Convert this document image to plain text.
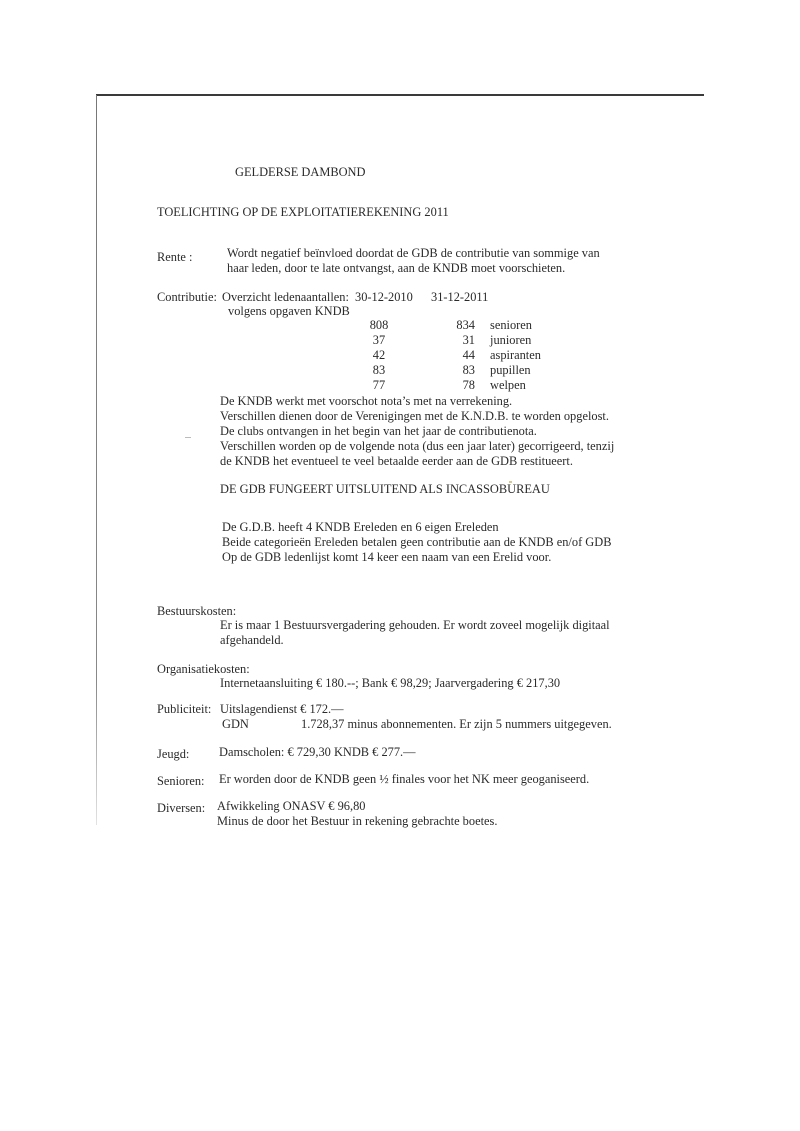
GELDERSE DAMBOND
TOELICHTING OP DE EXPLOITATIEREKENING 2011
Rente :	Wordt negatief beïnvloed doordat de GDB de contributie van sommige van
haar leden, door te late ontvangst, aan de KNDB moet voorschieten.
Contributie: Overzicht ledenaantallen:
volgens opgaven KNDB
30-12-2010 31-12-2011
808
37
42
83
77
834
31
44
83
78
senioren
junioren
aspiranten
pupillen
welpen
De KNDB werkt met voorschot nota’s met na verrekening.
Verschillen dienen door de Verenigingen met de K.N.D.B. te worden opgelost.
De clubs ontvangen in het begin van het jaar de contributienota.
Verschillen worden op de volgende nota (dus een jaar later) gecorrigeerd, tenzij
de KNDB het eventueel te veel betaalde eerder aan de GDB restitueert.
DE GDB FUNGEERT UITSLUITEND ALS INCASSOBUREAU
De G.D.B. heeft 4 KNDB Ereleden en 6 eigen Ereleden
Beide categorieën Ereleden betalen geen contributie aan de KNDB en/of GDB
Op de GDB ledenlijst komt 14 keer een naam van een Erelid voor.
Bestuurskosten:
Er is maar 1 Bestuursvergadering gehouden. Er wordt zoveel mogelijk digitaal
afgehandeld.
Organisatiekosten:
Internetaansluiting € 180.--; Bank € 98,29; Jaarvergadering € 217,30
Publiciteit: Uitslagendienst € 172.—
GDN	1.728,37 minus abonnementen. Er zijn 5 nummers uitgegeven.
Jeugd: Damscholen: € 729,30 KNDB € 277.—
Senioren: Er worden door de KNDB geen ½ finales voor het NK meer geoganiseerd.
Diversen: Afwikkeling ONASV € 96,80
Minus de door het Bestuur in rekening gebrachte boetes.
